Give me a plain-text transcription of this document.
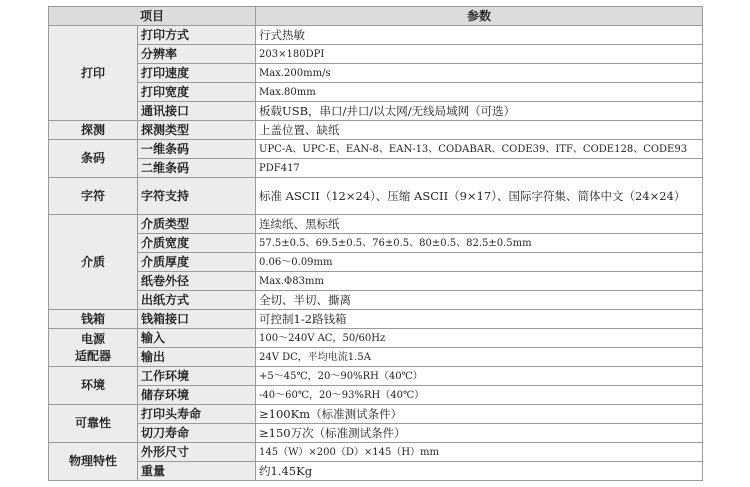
项目		参数
打印	打印方式	行式热敏
	分辨率	203×180DPI
	打印速度	Max.200mm/s
	打印宽度	Max.80mm
	通讯接口	板载USB，串口/并口/以太网/无线局域网（可选）
探测	探测类型	上盖位置、缺纸
条码	一维条码	UPC-A、UPC-E、EAN-8、EAN-13、CODABAR、CODE39、ITF、CODE128、CODE93
	二维条码	PDF417
字符	字符支持	标准 ASCII（12×24）、压缩 ASCII（9×17）、国际字符集、简体中文（24×24）
介质	介质类型	连续纸、黑标纸
	介质宽度	57.5±0.5、69.5±0.5、76±0.5、80±0.5、82.5±0.5mm
	介质厚度	0.06～0.09mm
	纸卷外径	Max.Φ83mm
	出纸方式	全切、半切、撕离
钱箱	钱箱接口	可控制1-2路钱箱

电源
适配器	输入	100～240V AC，50/60Hz
	输出	24V DC，平均电流1.5A
环境	工作环境	+5～45℃，20～90%RH（40℃）
	储存环境	-40～60℃，20～93%RH（40℃）
可靠性	打印头寿命	≥100Km（标准测试条件）
	切刀寿命	≥150万次（标准测试条件）
物理特性	外形尺寸	145（W）×200（D）×145（H）mm
	重量	约1.45Kg
